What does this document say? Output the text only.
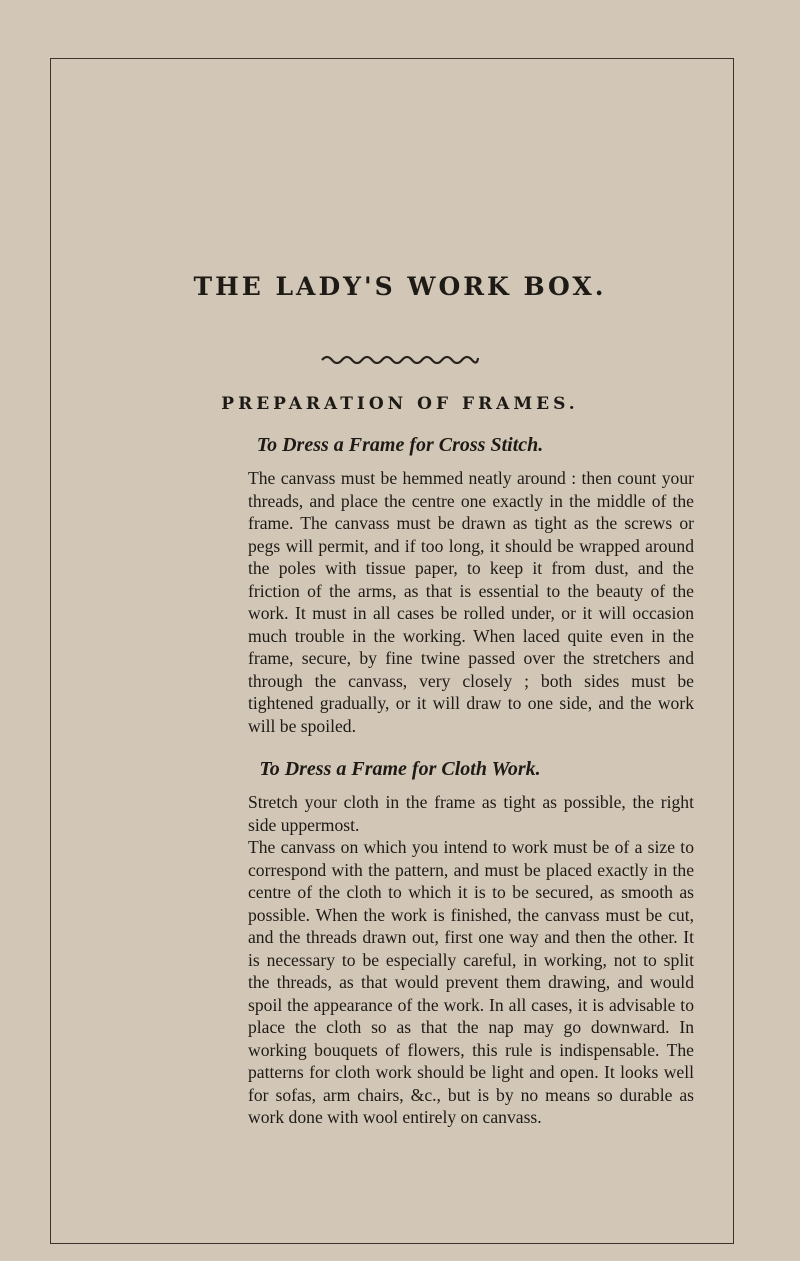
THE LADY'S WORK BOX.
PREPARATION OF FRAMES.
To Dress a Frame for Cross Stitch.

The canvass must be hemmed neatly around : then count your threads, and place the centre one exactly in the middle of the frame. The canvass must be drawn as tight as the screws or pegs will permit, and if too long, it should be wrapped around the poles with tissue paper, to keep it from dust, and the friction of the arms, as that is essential to the beauty of the work. It must in all cases be rolled under, or it will occasion much trouble in the working. When laced quite even in the frame, secure, by fine twine passed over the stretchers and through the canvass, very closely ; both sides must be tightened gradually, or it will draw to one side, and the work will be spoiled.

To Dress a Frame for Cloth Work.

Stretch your cloth in the frame as tight as possible, the right side uppermost.

The canvass on which you intend to work must be of a size to correspond with the pattern, and must be placed exactly in the centre of the cloth to which it is to be secured, as smooth as possible. When the work is finished, the canvass must be cut, and the threads drawn out, first one way and then the other. It is necessary to be especially careful, in working, not to split the threads, as that would prevent them drawing, and would spoil the appearance of the work. In all cases, it is advisable to place the cloth so as that the nap may go downward. In working bouquets of flowers, this rule is indispensable. The patterns for cloth work should be light and open. It looks well for sofas, arm chairs, &c., but is by no means so durable as work done with wool entirely on canvass.
